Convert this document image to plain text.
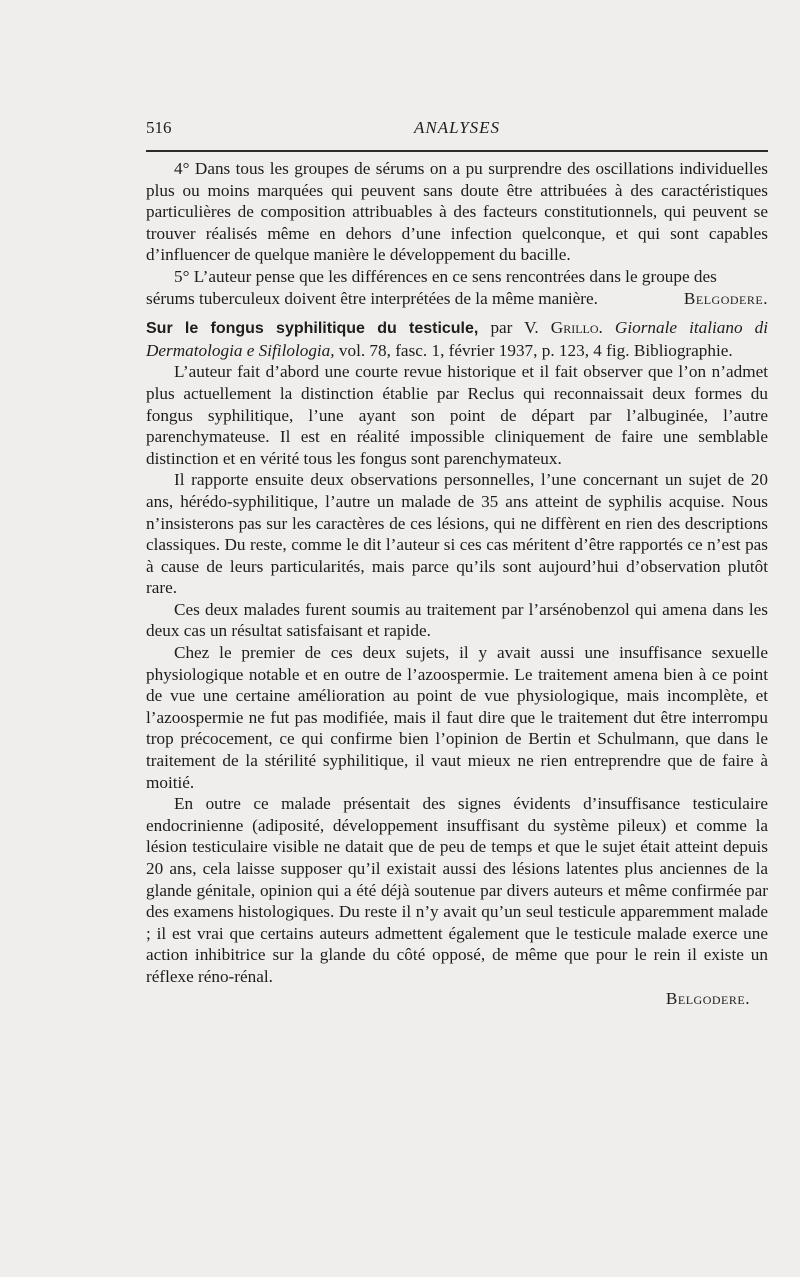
516	ANALYSES

4° Dans tous les groupes de sérums on a pu surprendre des oscillations individuelles plus ou moins marquées qui peuvent sans doute être attribuées à des caractéristiques particulières de composition attribuables à des facteurs constitutionnels, qui peuvent se trouver réalisés même en dehors d’une infection quelconque, et qui sont capables d’influencer de quelque manière le développement du bacille.

5° L’auteur pense que les différences en ce sens rencontrées dans le groupe des sérums tuberculeux doivent être interprétées de la même manière.	Belgodere.

Sur le fongus syphilitique du testicule, par V. Grillo. Giornale italiano di Dermatologia e Sifilologia, vol. 78, fasc. 1, février 1937, p. 123, 4 fig. Bibliographie.

L’auteur fait d’abord une courte revue historique et il fait observer que l’on n’admet plus actuellement la distinction établie par Reclus qui reconnaissait deux formes du fongus syphilitique, l’une ayant son point de départ par l’albuginée, l’autre parenchymateuse. Il est en réalité impossible cliniquement de faire une semblable distinction et en vérité tous les fongus sont parenchymateux.

Il rapporte ensuite deux observations personnelles, l’une concernant un sujet de 20 ans, hérédo-syphilitique, l’autre un malade de 35 ans atteint de syphilis acquise. Nous n’insisterons pas sur les caractères de ces lésions, qui ne diffèrent en rien des descriptions classiques. Du reste, comme le dit l’auteur si ces cas méritent d’être rapportés ce n’est pas à cause de leurs particularités, mais parce qu’ils sont aujourd’hui d’observation plutôt rare.

Ces deux malades furent soumis au traitement par l’arsénobenzol qui amena dans les deux cas un résultat satisfaisant et rapide.

Chez le premier de ces deux sujets, il y avait aussi une insuffisance sexuelle physiologique notable et en outre de l’azoospermie. Le traitement amena bien à ce point de vue une certaine amélioration au point de vue physiologique, mais incomplète, et l’azoospermie ne fut pas modifiée, mais il faut dire que le traitement dut être interrompu trop précocement, ce qui confirme bien l’opinion de Bertin et Schulmann, que dans le traitement de la stérilité syphilitique, il vaut mieux ne rien entreprendre que de faire à moitié.

En outre ce malade présentait des signes évidents d’insuffisance testiculaire endocrinienne (adiposité, développement insuffisant du système pileux) et comme la lésion testiculaire visible ne datait que de peu de temps et que le sujet était atteint depuis 20 ans, cela laisse supposer qu’il existait aussi des lésions latentes plus anciennes de la glande génitale, opinion qui a été déjà soutenue par divers auteurs et même confirmée par des examens histologiques. Du reste il n’y avait qu’un seul testicule apparemment malade ; il est vrai que certains auteurs admettent également que le testicule malade exerce une action inhibitrice sur la glande du côté opposé, de même que pour le rein il existe un réflexe réno-rénal.

Belgodere.
